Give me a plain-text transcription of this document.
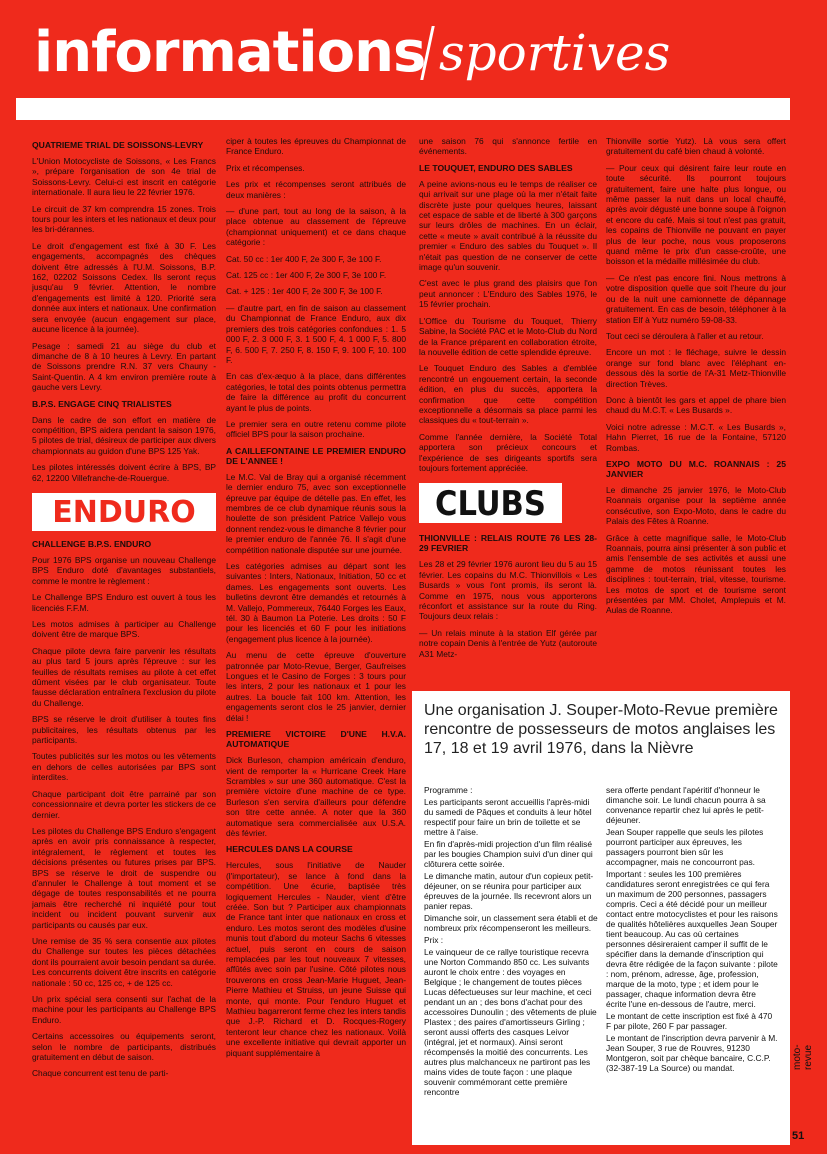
informations sportives
QUATRIEME TRIAL DE SOISSONS-LEVRY

L'Union Motocycliste de Soissons, « Les Francs », prépare l'organisation de son 4e trial de Soissons-Levry. Celui-ci est inscrit en catégorie internationale. Il aura lieu le 22 février 1976.

Le circuit de 37 km comprendra 15 zones. Trois tours pour les inters et les nationaux et deux pour les bri-dérannes.

Le droit d'engagement est fixé à 30 F. Les engagements, accompagnés des chèques doivent être adressés à l'U.M. Soissons, B.P. 162, 02202 Soissons Cedex. Ils seront reçus jusqu'au 9 février. Attention, le nombre d'engagements est limité à 120. Priorité sera donnée aux inters et nationaux. Une confirmation sera envoyée (aucun engagement sur place, aucune licence à la journée).

Pesage : samedi 21 au siège du club et dimanche de 8 à 10 heures à Levry. En partant de Soissons prendre R.N. 37 vers Chauny - Saint-Quentin. A 4 km environ première route à gauche vers Levry.

B.P.S. ENGAGE CINQ TRIALISTES

Dans le cadre de son effort en matière de compétition, BPS aidera pendant la saison 1976, 5 pilotes de trial, désireux de participer aux divers championnats au guidon d'une BPS 125 Yak.

Les pilotes intéressés doivent écrire à BPS, BP 62, 12200 Villefranche-de-Rouergue.

ENDURO
CHALLENGE B.P.S. ENDURO

Pour 1976 BPS organise un nouveau Challenge BPS Enduro doté d'avantages substantiels, comme le montre le règlement :

Le Challenge BPS Enduro est ouvert à tous les licenciés F.F.M.

Les motos admises à participer au Challenge doivent être de marque BPS.

Chaque pilote devra faire parvenir les résultats au plus tard 5 jours après l'épreuve : sur les feuilles de résultats remises au pilote à cet effet dûment visées par le club organisateur. Toute fausse déclaration entraînera l'exclusion du pilote du Challenge.

BPS se réserve le droit d'utiliser à toutes fins publicitaires, les résultats obtenus par les participants.

Toutes publicités sur les motos ou les vêtements en dehors de celles autorisées par BPS sont interdites.

Chaque participant doit être parrainé par son concessionnaire et devra porter les stickers de ce dernier.

Les pilotes du Challenge BPS Enduro s'engagent après en avoir pris connaissance à respecter, intégralement, le règlement et toutes les décisions présentes ou futures prises par BPS. BPS se réserve le droit de suspendre ou d'annuler le Challenge à tout moment et se dégage de toutes responsabilités et ne pourra jamais être recherché ni inquiété pour tout incident ou incident pouvant survenir aux participants ou causés par eux.

Une remise de 35 % sera consentie aux pilotes du Challenge sur toutes les pièces détachées dont ils pourraient avoir besoin pendant sa durée. Les concurrents doivent être inscrits en catégorie nationale : 50 cc, 125 cc, + de 125 cc.

Un prix spécial sera consenti sur l'achat de la machine pour les participants au Challenge BPS Enduro.

Certains accessoires ou équipements seront, selon le nombre de participants, distribués gratuitement en début de saison.

Chaque concurrent est tenu de parti-

ciper à toutes les épreuves du Championnat de France Enduro.

Prix et récompenses.

Les prix et récompenses seront attribués de deux manières :

— d'une part, tout au long de la saison, à la place obtenue au classement de l'épreuve (championnat uniquement) et ce dans chaque catégorie :

Cat. 50 cc : 1er 400 F, 2e 300 F, 3e 100 F.

Cat. 125 cc : 1er 400 F, 2e 300 F, 3e 100 F.

Cat. + 125 : 1er 400 F, 2e 300 F, 3e 100 F.

— d'autre part, en fin de saison au classement du Championnat de France Enduro, aux dix premiers des trois catégories confondues : 1. 5 000 F, 2. 3 000 F, 3. 1 500 F, 4. 1 000 F, 5. 800 F, 6. 500 F, 7. 250 F, 8. 150 F, 9. 100 F, 10. 100 F.

En cas d'ex-æquo à la place, dans différentes catégories, le total des points obtenus permettra de faire la différence au profit du concurrent ayant le plus de points.

Le premier sera en outre retenu comme pilote officiel BPS pour la saison prochaine.

A CAILLEFONTAINE LE PREMIER ENDURO DE L'ANNEE !

Le M.C. Val de Bray qui a organisé récemment le dernier enduro 75, avec son exceptionnelle épreuve par équipe de dételle pas. En effet, les membres de ce club dynamique réunis sous la houlette de son président Patrice Vallejo vous donnent rendez-vous le dimanche 8 février pour le premier enduro de l'année 76. Il s'agit d'une compétition nationale disputée sur une journée.

Les catégories admises au départ sont les suivantes : Inters, Nationaux, Initiation, 50 cc et dames. Les engagements sont ouverts. Les bulletins devront être demandés et retournés à M. Vallejo, Pommereux, 76440 Forges les Eaux, tél. 30 à Baumon La Poterie. Les droits : 50 F pour les licenciés et 60 F pour les initiations (engagement plus licence à la journée).

Au menu de cette épreuve d'ouverture patronnée par Moto-Revue, Berger, Gaufreises Longues et le Casino de Forges : 3 tours pour les inters, 2 pour les nationaux et 1 pour les autres. La boucle fait 100 km. Attention, les engagements seront clos le 25 janvier, dernier délai !

PREMIERE VICTOIRE D'UNE H.V.A. AUTOMATIQUE

Dick Burleson, champion américain d'enduro, vient de remporter la « Hurricane Creek Hare Scrambles » sur une 360 automatique. C'est la première victoire d'une machine de ce type. Burleson s'en servira d'ailleurs pour défendre son titre cette année. A noter que la 360 automatique sera commercialisée aux U.S.A. dès février.

HERCULES DANS LA COURSE

Hercules, sous l'initiative de Nauder (l'importateur), se lance à fond dans la compétition. Une écurie, baptisée très logiquement Hercules - Nauder, vient d'être créée. Son but ? Participer aux championnats de France tant inter que nationaux en cross et enduro. Les motos seront des modèles d'usine munis tout d'abord du moteur Sachs 6 vitesses actuel, puis seront en cours de saison remplacées par les tout nouveaux 7 vitesses, affûtés avec soin par l'usine. Côté pilotes nous trouverons en cross Jean-Marie Huguet, Jean-Pierre Mathieu et Struiss, un jeune Suisse qui monte, qui monte. Pour l'enduro Huguet et Mathieu bagarreront ferme chez les inters tandis que J.-P. Richard et D. Rocques-Rogery tenteront leur chance chez les nationaux. Voilà une excellente initiative qui devrait apporter un piquant supplémentaire à

une saison 76 qui s'annonce fertile en événements.

LE TOUQUET, ENDURO DES SABLES

A peine avions-nous eu le temps de réaliser ce qui arrivait sur une plage où la mer n'était faite discrète juste pour quelques heures, laissant cet espace de sable et de liberté à 300 garçons sur leurs drôles de machines. En un éclair, cette « meute » avait contribué à la réussite du premier « Enduro des sables du Touquet ». Il n'était pas question de ne conserver de cette image qu'un souvenir.

C'est avec le plus grand des plaisirs que l'on peut annoncer : L'Enduro des Sables 1976, le 15 février prochain.

L'Office du Tourisme du Touquet, Thierry Sabine, la Société PAC et le Moto-Club du Nord de la France préparent en collaboration étroite, la nouvelle édition de cette splendide épreuve.

Le Touquet Enduro des Sables a d'emblée rencontré un engouement certain, la seconde édition, en plus du succès, apportera la confirmation que cette compétition exceptionnelle a désormais sa place parmi les classiques du « tout-terrain ».

Comme l'année dernière, la Société Total apportera son précieux concours et l'expérience de ses dirigeants sportifs sera toujours fortement appréciée.

CLUBS
THIONVILLE : RELAIS ROUTE 76 LES 28-29 FEVRIER

Les 28 et 29 février 1976 auront lieu du 5 au 15 février. Les copains du M.C. Thionvillois « Les Busards » vous l'ont promis, ils seront là. Comme en 1975, nous vous apporterons réconfort et assistance sur la route du Ring. Toujours deux relais :

— Un relais minute à la station Elf gérée par notre copain Denis à l'entrée de Yutz (autoroute A31 Metz-

Thionville sortie Yutz). Là vous sera offert gratuitement du café bien chaud à volonté.

— Pour ceux qui désirent faire leur route en toute sécurité. Ils pourront toujours gratuitement, faire une halte plus longue, ou même passer la nuit dans un local chauffé, après avoir dégusté une bonne soupe à l'oignon et encore du café. Mais si tout n'est pas gratuit, les copains de Thionville ne pouvant en payer plus de leur poche, nous vous proposerons quand même le prix d'un casse-croûte, une boisson et la médaille millésimée du club.

— Ce n'est pas encore fini. Nous mettrons à votre disposition quelle que soit l'heure du jour ou de la nuit une camionnette de dépannage gratuitement. En cas de besoin, téléphoner à la station Elf à Yutz numéro 59-08-33.

Tout ceci se déroulera à l'aller et au retour.

Encore un mot : le fléchage, suivre le dessin orange sur fond blanc avec l'éléphant en-dessous dès la sortie de l'A-31 Metz-Thionville direction Trèves.

Donc à bientôt les gars et appel de phare bien chaud du M.C.T. « Les Busards ».

Voici notre adresse : M.C.T. « Les Busards », Hahn Pierret, 16 rue de la Fontaine, 57120 Rombas.

EXPO MOTO DU M.C. ROANNAIS : 25 JANVIER

Le dimanche 25 janvier 1976, le Moto-Club Roannais organise pour la septième année consécutive, son Expo-Moto, dans le cadre du Palais des Fêtes à Roanne.

Grâce à cette magnifique salle, le Moto-Club Roannais, pourra ainsi présenter à son public et amis l'ensemble de ses activités et aussi une gamme de motos réunissant toutes les disciplines : tout-terrain, trial, vitesse, tourisme. Les motos de sport et de tourisme seront présentées par MM. Cholet, Amplepuis et M. Aulas de Roanne.

Une organisation J. Souper-Moto-Revue première rencontre de possesseurs de motos anglaises les 17, 18 et 19 avril 1976, dans la Nièvre

Programme :

Les participants seront accueillis l'après-midi du samedi de Pâques et conduits à leur hôtel respectif pour faire un brin de toilette et se mettre à l'aise.

En fin d'après-midi projection d'un film réalisé par les bougies Champion suivi d'un diner qui clôturera cette soirée.

Le dimanche matin, autour d'un copieux petit-déjeuner, on se réunira pour participer aux épreuves de la journée. Ils recevront alors un panier repas.

Dimanche soir, un classement sera établi et de nombreux prix récompenseront les meilleurs.

Prix :

Le vainqueur de ce rallye touristique recevra une Norton Commando 850 cc. Les suivants auront le choix entre : des voyages en Belgique ; le changement de toutes pièces Lucas défectueuses sur leur machine, et ceci pendant un an ; des bons d'achat pour des accessoires Dunoulin ; des vêtements de pluie Plastex ; des paires d'amortisseurs Girling ; seront aussi offerts des casques Leivor (intégral, jet et normaux). Ainsi seront récompensés la moitié des concurrents. Les autres plus malchanceux ne partiront pas les mains vides de toute façon : une plaque souvenir commémorant cette première rencontre

sera offerte pendant l'apéritif d'honneur le dimanche soir. Le lundi chacun pourra à sa convenance repartir chez lui après le petit-déjeuner.

Jean Souper rappelle que seuls les pilotes pourront participer aux épreuves, les passagers pourront bien sûr les accompagner, mais ne concourront pas.

Important : seules les 100 premières candidatures seront enregistrées ce qui fera un maximum de 200 personnes, passagers compris. Ceci a été décidé pour un meilleur contact entre motocyclistes et pour les raisons de qualités hôtelières auxquelles Jean Souper tient beaucoup. Au cas où certaines personnes désireraient camper il suffit de le spécifier dans la demande d'inscription qui devra être rédigée de la façon suivante : pilote : nom, prénom, adresse, âge, profession, marque de la moto, type ; et idem pour le passager, chaque information devra être écrite l'une en-dessous de l'autre, merci.

Le montant de cette inscription est fixé à 470 F par pilote, 260 F par passager.

Le montant de l'inscription devra parvenir à M. Jean Souper, 3 rue de Rouvres, 91230 Montgeron, soit par chèque bancaire, C.C.P. (32-387-19 La Source) ou mandat.	moto-revue
51
